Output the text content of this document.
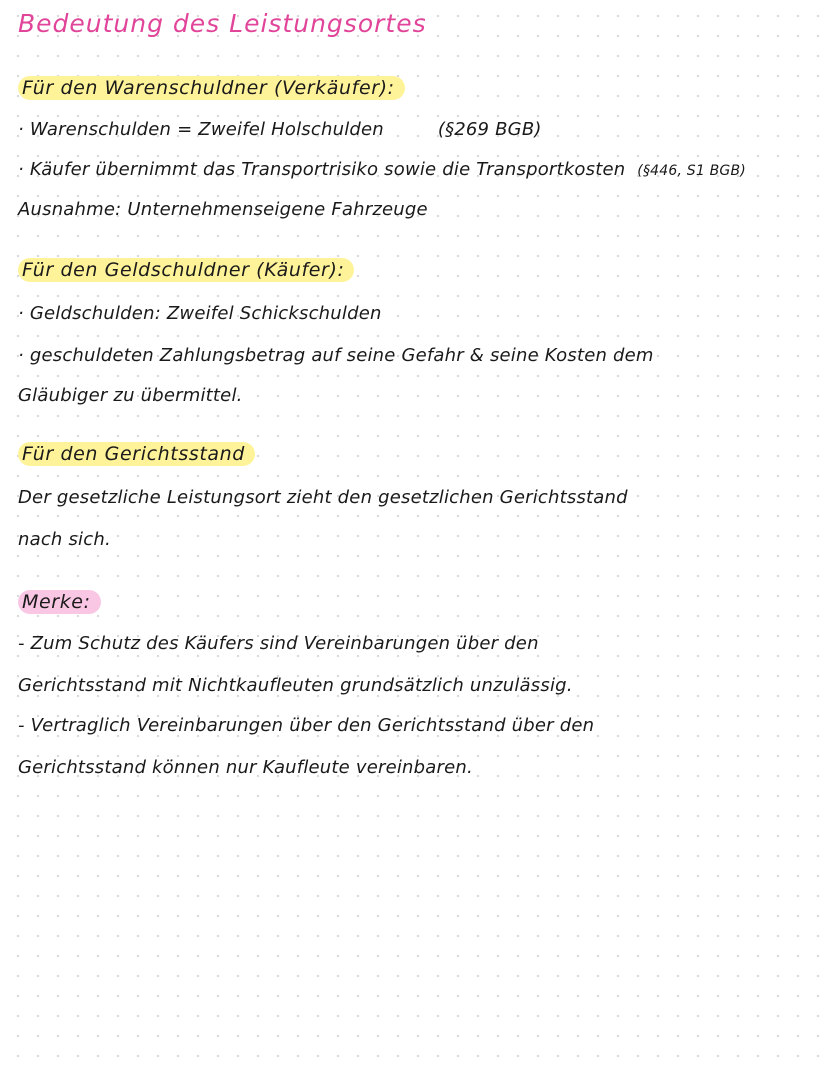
Bedeutung des Leistungsortes
Für den Warenschuldner (Verkäufer):
· Warenschulden = Zweifel Holschulden	(§269 BGB)
· Käufer übernimmt das Transportrisiko sowie die Transportkosten (§446, S1 BGB)
Ausnahme: Unternehmenseigene Fahrzeuge
Für den Geldschuldner (Käufer):
· Geldschulden: Zweifel Schickschulden
· geschuldeten Zahlungsbetrag auf seine Gefahr & seine Kosten dem
Gläubiger zu übermittel.
Für den Gerichtsstand
Der gesetzliche Leistungsort zieht den gesetzlichen Gerichtsstand
nach sich.
Merke:
- Zum Schutz des Käufers sind Vereinbarungen über den
Gerichtsstand mit Nichtkaufleuten grundsätzlich unzulässig.
- Vertraglich Vereinbarungen über den Gerichtsstand über den
Gerichtsstand können nur Kaufleute vereinbaren.
